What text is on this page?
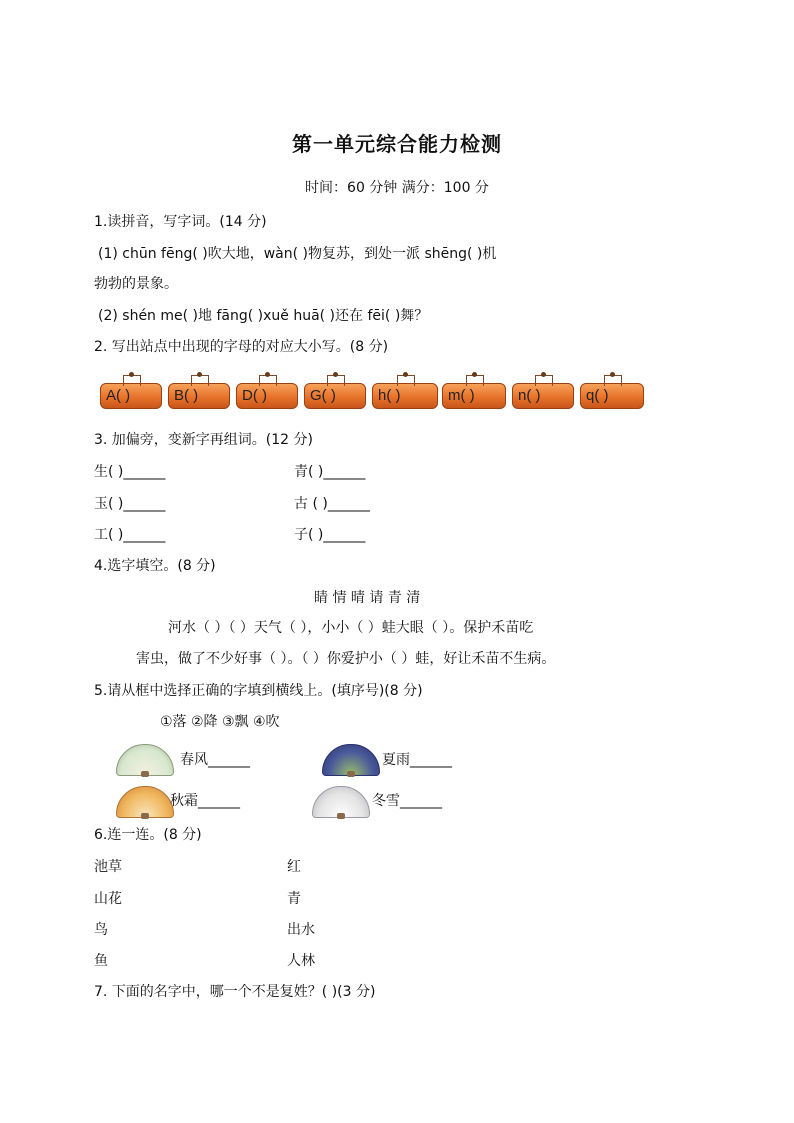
第一单元综合能力检测
时间：60 分钟 满分：100 分
1.读拼音，写字词。(14 分)
(1) chūn fēng( )吹大地，wàn( )物复苏，到处一派 shēng( )机
勃勃的景象。
(2) shén me( )地 fāng( )xuě huā( )还在 fēi( )舞？
2. 写出站点中出现的字母的对应大小写。(8 分)
A( )	B( )	D( )	G( )	h( )	m( )	n( )	q( )
3. 加偏旁，变新字再组词。(12 分)
生( )______	青( )______
玉( )______	古 ( )______
工( )______	子( )______
4.选字填空。(8 分)
睛 情 晴 请 青 清
河水（ ）（ ）天气（ ），小小（ ）蛙大眼（ ）。保护禾苗吃
害虫，做了不少好事（ ）。（ ）你爱护小（ ）蛙，好让禾苗不生病。
5.请从框中选择正确的字填到横线上。(填序号)(8 分)
①落 ②降 ③飘 ④吹
春风______	夏雨______
秋霜______	冬雪______
6.连一连。(8 分)
池草	红
山花	青
鸟	出水
鱼	人林
7. 下面的名字中，哪一个不是复姓？( )(3 分)
